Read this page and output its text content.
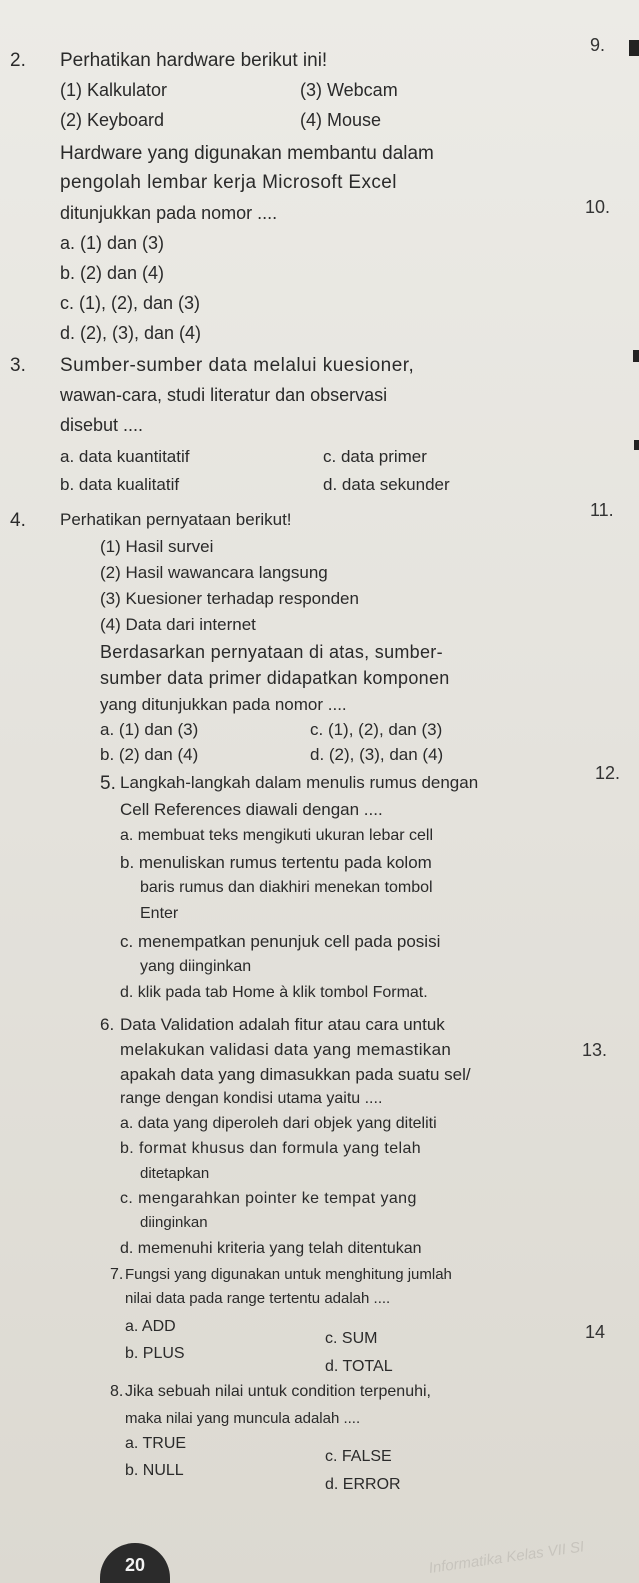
2. Perhatikan hardware berikut ini!
(1) Kalkulator	(3) Webcam
(2) Keyboard	(4) Mouse
Hardware yang digunakan membantu dalam
pengolah lembar kerja Microsoft Excel
ditunjukkan pada nomor ....
a. (1) dan (3)
b. (2) dan (4)
c. (1), (2), dan (3)
d. (2), (3), dan (4)
3. Sumber-sumber data melalui kuesioner,
wawan-cara, studi literatur dan observasi
disebut ....
a. data kuantitatif	c. data primer
b. data kualitatif	d. data sekunder
4. Perhatikan pernyataan berikut!
(1) Hasil survei
(2) Hasil wawancara langsung
(3) Kuesioner terhadap responden
(4) Data dari internet
Berdasarkan pernyataan di atas, sumber-
sumber data primer didapatkan komponen
yang ditunjukkan pada nomor ....
a. (1) dan (3)	c. (1), (2), dan (3)
b. (2) dan (4)	d. (2), (3), dan (4)
5. Langkah-langkah dalam menulis rumus dengan
Cell References diawali dengan ....
a. membuat teks mengikuti ukuran lebar cell
b. menuliskan rumus tertentu pada kolom
baris rumus dan diakhiri menekan tombol
Enter
c. menempatkan penunjuk cell pada posisi
yang diinginkan
d. klik pada tab Home à klik tombol Format.
6. Data Validation adalah fitur atau cara untuk
melakukan validasi data yang memastikan
apakah data yang dimasukkan pada suatu sel/
range dengan kondisi utama yaitu ....
a. data yang diperoleh dari objek yang diteliti
b. format khusus dan formula yang telah
ditetapkan
c. mengarahkan pointer ke tempat yang
diinginkan
d. memenuhi kriteria yang telah ditentukan
7. Fungsi yang digunakan untuk menghitung jumlah
nilai data pada range tertentu adalah ....
a. ADD
c. SUM
b. PLUS
d. TOTAL
8. Jika sebuah nilai untuk condition terpenuhi,
maka nilai yang muncula adalah ....
a. TRUE
c. FALSE
b. NULL
d. ERROR
9.
10.
11.
12.
13.
14
20	Informatika Kelas VII SI
